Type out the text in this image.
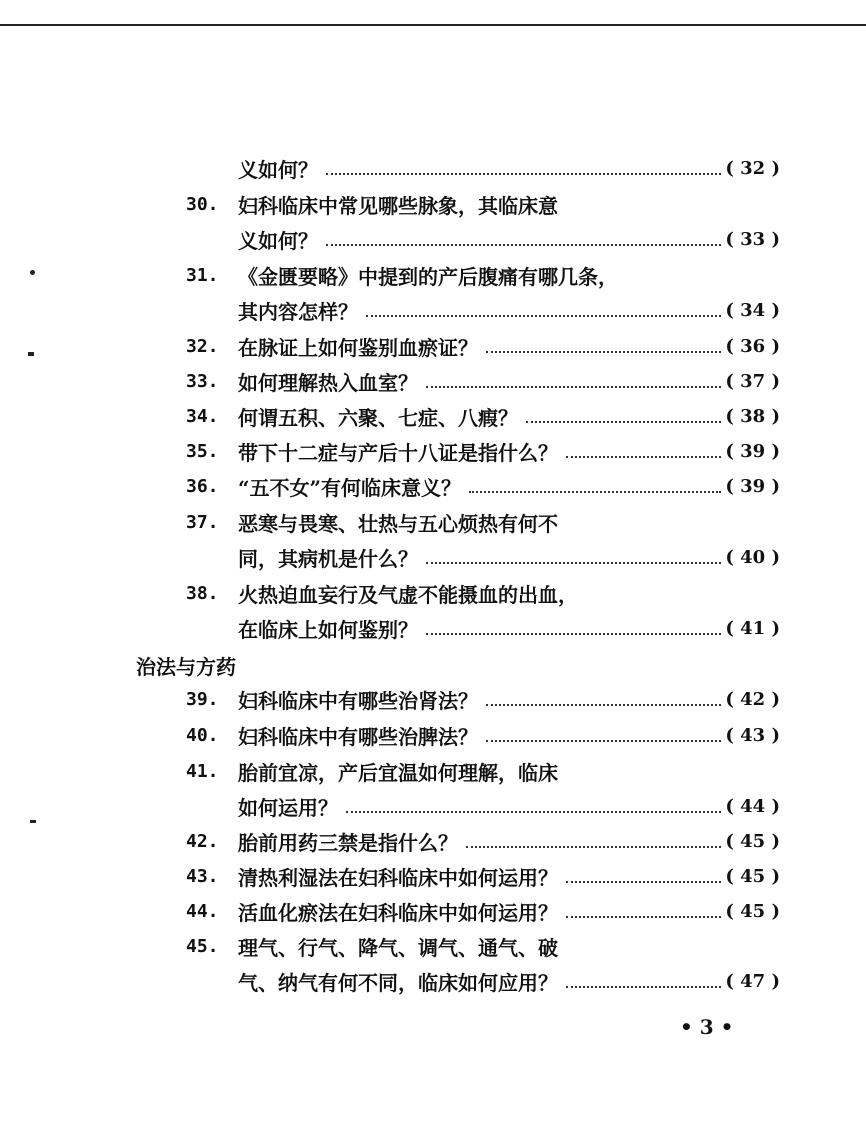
义如何？	( 32 )
30. 妇科临床中常见哪些脉象，其临床意
义如何？	( 33 )
31. 《金匮要略》中提到的产后腹痛有哪几条，
其内容怎样？	( 34 )
32. 在脉证上如何鉴别血瘀证？	( 36 )
33. 如何理解热入血室？	( 37 )
34. 何谓五积、六聚、七症、八瘕？	( 38 )
35. 带下十二症与产后十八证是指什么？	( 39 )
36. “五不女”有何临床意义？	( 39 )
37. 恶寒与畏寒、壮热与五心烦热有何不
同，其病机是什么？	( 40 )
38. 火热迫血妄行及气虚不能摄血的出血，
在临床上如何鉴别？	( 41 )
39. 妇科临床中有哪些治肾法？	( 42 )
40. 妇科临床中有哪些治脾法？	( 43 )
41. 胎前宜凉，产后宜温如何理解，临床
如何运用？	( 44 )
42. 胎前用药三禁是指什么？	( 45 )
43. 清热利湿法在妇科临床中如何运用？	( 45 )
44. 活血化瘀法在妇科临床中如何运用？	( 45 )
45. 理气、行气、降气、调气、通气、破
气、纳气有何不同，临床如何应用？	( 47 )
治法与方药
• 3 •
